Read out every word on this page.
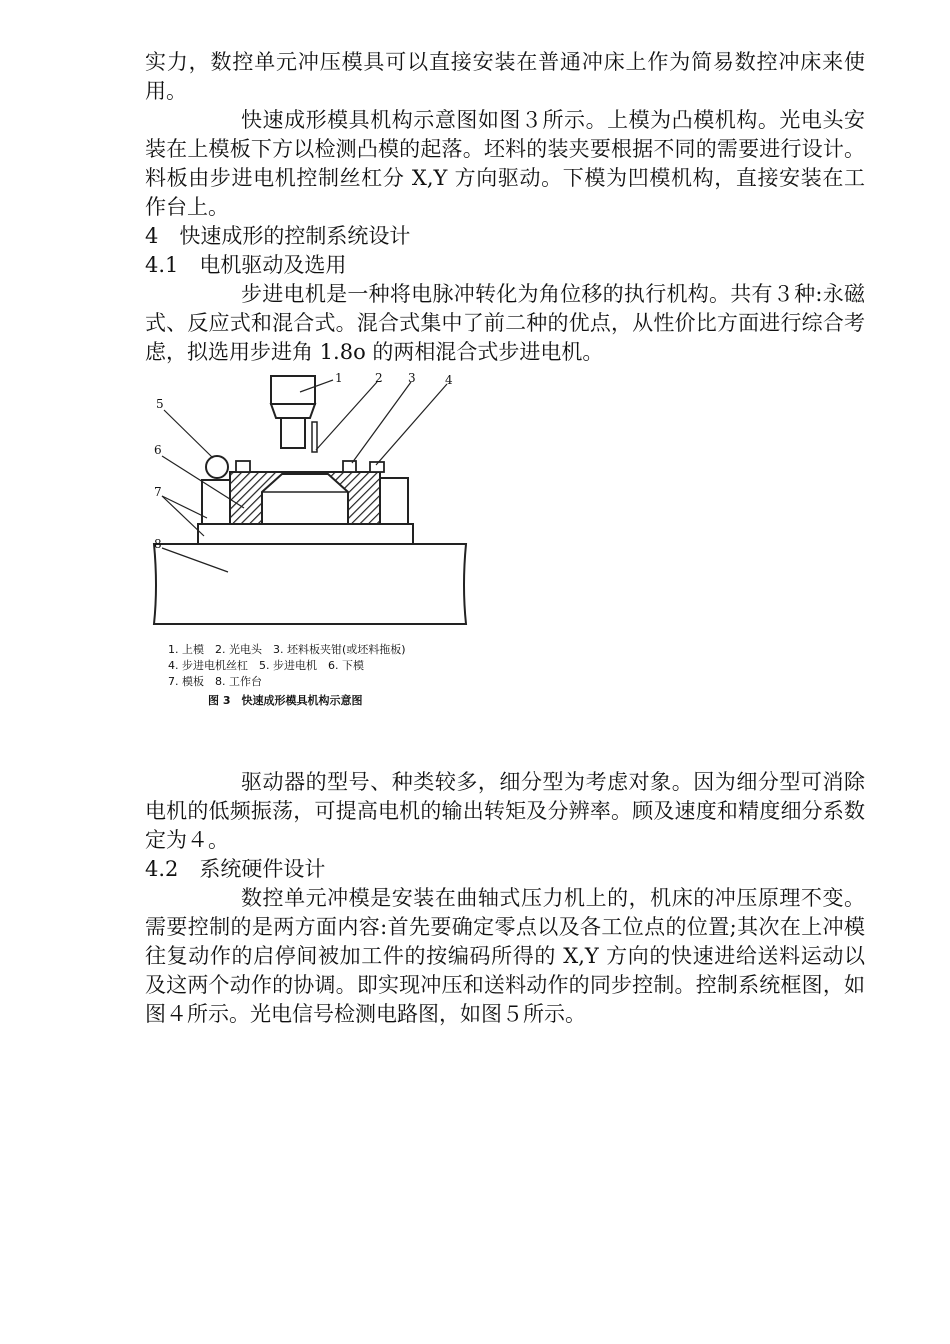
实力，数控单元冲压模具可以直接安装在普通冲床上作为简易数控冲床来使用。

快速成形模具机构示意图如图３所示。上模为凸模机构。光电头安装在上模板下方以检测凸模的起落。坯料的装夹要根据不同的需要进行设计。料板由步进电机控制丝杠分 X,Y 方向驱动。下模为凹模机构，直接安装在工作台上。

4　快速成形的控制系统设计

4.1　电机驱动及选用

步进电机是一种将电脉冲转化为角位移的执行机构。共有３种:永磁式、反应式和混合式。混合式集中了前二种的优点，从性价比方面进行综合考虑，拟选用步进角 1.8o 的两相混合式步进电机。

1	2 3 4
5
6
7
8
1. 上模　2. 光电头　3. 坯料板夹钳(或坯料拖板)
4. 步进电机丝杠　5. 步进电机　6. 下模
7. 模板　8. 工作台
图 3　快速成形模具机构示意图

驱动器的型号、种类较多，细分型为考虑对象。因为细分型可消除电机的低频振荡，可提高电机的输出转矩及分辨率。顾及速度和精度细分系数定为４。

4.2　系统硬件设计

数控单元冲模是安装在曲轴式压力机上的，机床的冲压原理不变。需要控制的是两方面内容:首先要确定零点以及各工位点的位置;其次在上冲模往复动作的启停间被加工件的按编码所得的 X,Y 方向的快速进给送料运动以及这两个动作的协调。即实现冲压和送料动作的同步控制。控制系统框图，如图４所示。光电信号检测电路图，如图５所示。
